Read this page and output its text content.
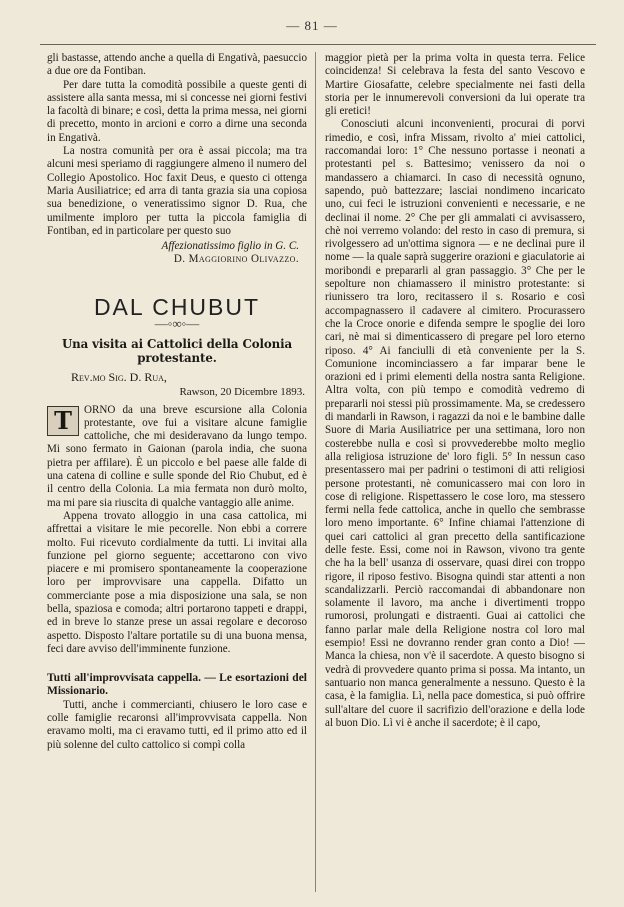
— 81 —

gli bastasse, attendo anche a quella di Engativà, paesuccio a due ore da Fontiban.

Per dare tutta la comodità possibile a queste genti di assistere alla santa messa, mi si concesse nei giorni festivi la facoltà di binare; e così, detta la prima messa, nei giorni di precetto, monto in arcioni e corro a dirne una seconda in Engativà.

La nostra comunità per ora è assai piccola; ma tra alcuni mesi speriamo di raggiungere almeno il numero del Collegio Apostolico. Hoc faxit Deus, e questo ci ottenga Maria Ausiliatrice; ed arra di tanta grazia sia una copiosa sua benedizione, o veneratissimo signor D. Rua, che umilmente imploro per tutta la piccola famiglia di Fontiban, ed in particolare per questo suo

Affezionatissimo figlio in G. C.
D. Maggiorino Olivazzo.
DAL CHUBUT
—◦∞◦—
Una visita ai Cattolici della Colonia protestante.
Rev.mo Sig. D. Rua,
Rawson, 20 Dicembre 1893.
T	ORNO da una breve escursione alla Colonia protestante, ove fui a visitare alcune famiglie cattoliche, che mi desideravano da lungo tempo. Mi sono fermato in Gaionan (parola india, che suona pietra per affilare). È un piccolo e bel paese alle falde di una catena di colline e sulle sponde del Rio Chubut, ed è il centro della Colonia. La mia fermata non durò molto, ma mi pare sia riuscita di qualche vantaggio alle anime.

Appena trovato alloggio in una casa cattolica, mi affrettai a visitare le mie pecorelle. Non ebbi a correre molto. Fui ricevuto cordialmente da tutti. Li invitai alla funzione pel giorno seguente; accettarono con vivo piacere e mi promisero spontaneamente la cooperazione loro per improvvisare una cappella. Difatto un commerciante pose a mia disposizione una sala, se non bella, spaziosa e comoda; altri portarono tappeti e drappi, ed in breve lo stanze prese un assai regolare e decoroso aspetto. Disposto l'altare portatile su di una buona mensa, feci dare avviso dell'imminente funzione.

Tutti all'improvvisata cappella. — Le esortazioni del Missionario.

Tutti, anche i commercianti, chiusero le loro case e colle famiglie recaronsi all'improvvisata cappella. Non eravamo molti, ma ci eravamo tutti, ed il primo atto ed il più solenne del culto cattolico si compì colla

maggior pietà per la prima volta in questa terra. Felice coincidenza! Si celebrava la festa del santo Vescovo e Martire Giosafatte, celebre specialmente nei fasti della storia per le innumerevoli conversioni da lui operate tra gli eretici!

Conosciuti alcuni inconvenienti, procurai di porvi rimedio, e così, infra Missam, rivolto a' miei cattolici, raccomandai loro: 1° Che nessuno portasse i neonati a protestanti pel s. Battesimo; venissero da noi o mandassero a chiamarci. In caso di necessità ognuno, sapendo, può battezzare; lasciai nondimeno incaricato uno, cui feci le istruzioni convenienti e necessarie, e ne declinai il nome. 2° Che per gli ammalati ci avvisassero, chè noi verremo volando: del resto in caso di premura, si rivolgessero ad un'ottima signora — e ne declinai pure il nome — la quale saprà suggerire orazioni e giaculatorie ai moribondi e prepararli al gran passaggio. 3° Che per le sepolture non chiamassero il ministro protestante: si riunissero tra loro, recitassero il s. Rosario e così accompagnassero il cadavere al cimitero. Procurassero che la Croce onorie e difenda sempre le spoglie dei loro cari, nè mai si dimenticassero di pregare pel loro eterno riposo. 4° Ai fanciulli di età conveniente per la S. Comunione incominciassero a far imparar bene le orazioni ed i primi elementi della nostra santa Religione. Altra volta, con più tempo e comodità vedremo di prepararli noi stessi più prossimamente. Ma, se credessero di mandarli in Rawson, i ragazzi da noi e le bambine dalle Suore di Maria Ausiliatrice per una settimana, loro non costerebbe nulla e così si provvederebbe molto meglio alla religiosa istruzione de' loro figli. 5° In nessun caso presentassero mai per padrini o testimoni di atti religiosi persone protestanti, nè comunicassero mai con loro in cose di religione. Rispettassero le cose loro, ma stessero fermi nella fede cattolica, anche in quello che sembrasse loro meno importante. 6° Infine chiamai l'attenzione di quei cari cattolici al gran precetto della santificazione delle feste. Essi, come noi in Rawson, vivono tra gente che ha la bell' usanza di osservare, quasi direi con troppo rigore, il riposo festivo. Bisogna quindi star attenti a non scandalizzarli. Perciò raccomandai di abbandonare non solamente il lavoro, ma anche i divertimenti troppo rumorosi, prolungati e distraenti. Guai ai cattolici che fanno parlar male della Religione nostra col loro mal esempio! Essi ne dovranno render gran conto a Dio! — Manca la chiesa, non v'è il sacerdote. A questo bisogno si vedrà di provvedere quanto prima si possa. Ma intanto, un santuario non manca generalmente a nessuno. Questo è la casa, è la famiglia. Lì, nella pace domestica, si può offrire sull'altare del cuore il sacrifizio dell'orazione e della lode al buon Dio. Lì vi è anche il sacerdote; è il capo,
